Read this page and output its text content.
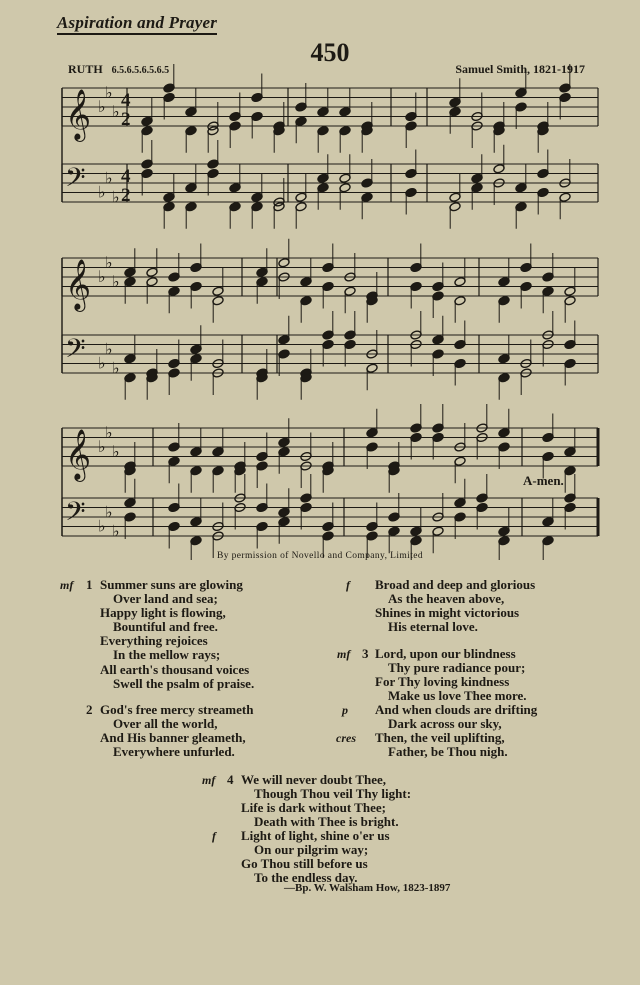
Aspiration and Prayer
450
RUTH 6.5.6.5.6.5.6.5	Samuel Smith, 1821-1917
𝄞 ♭
♭
♭
4
2
𝄢 ♭
♭
♭
4
2
𝄞 ♭
♭
♭
𝄢 ♭
♭
♭
𝄞 ♭
♭
♭
𝄢 ♭
♭
♭
A-men.
By permission of Novello and Company, Limited
mf 1 Summer suns are glowing
Over land and sea;
Happy light is flowing,
Bountiful and free.
Everything rejoices
In the mellow rays;
All earth's thousand voices
Swell the psalm of praise.
2 God's free mercy streameth
Over all the world,
And His banner gleameth,
Everywhere unfurled.
f Broad and deep and glorious
As the heaven above,
Shines in might victorious
His eternal love.
mf 3 Lord, upon our blindness
Thy pure radiance pour;
For Thy loving kindness
Make us love Thee more.
p And when clouds are drifting
Dark across our sky,
cres Then, the veil uplifting,
Father, be Thou nigh.
mf 4 We will never doubt Thee,
Though Thou veil Thy light:
Life is dark without Thee;
Death with Thee is bright.
f Light of light, shine o'er us
On our pilgrim way;
Go Thou still before us
To the endless day.
—Bp. W. Walsham How, 1823-1897
